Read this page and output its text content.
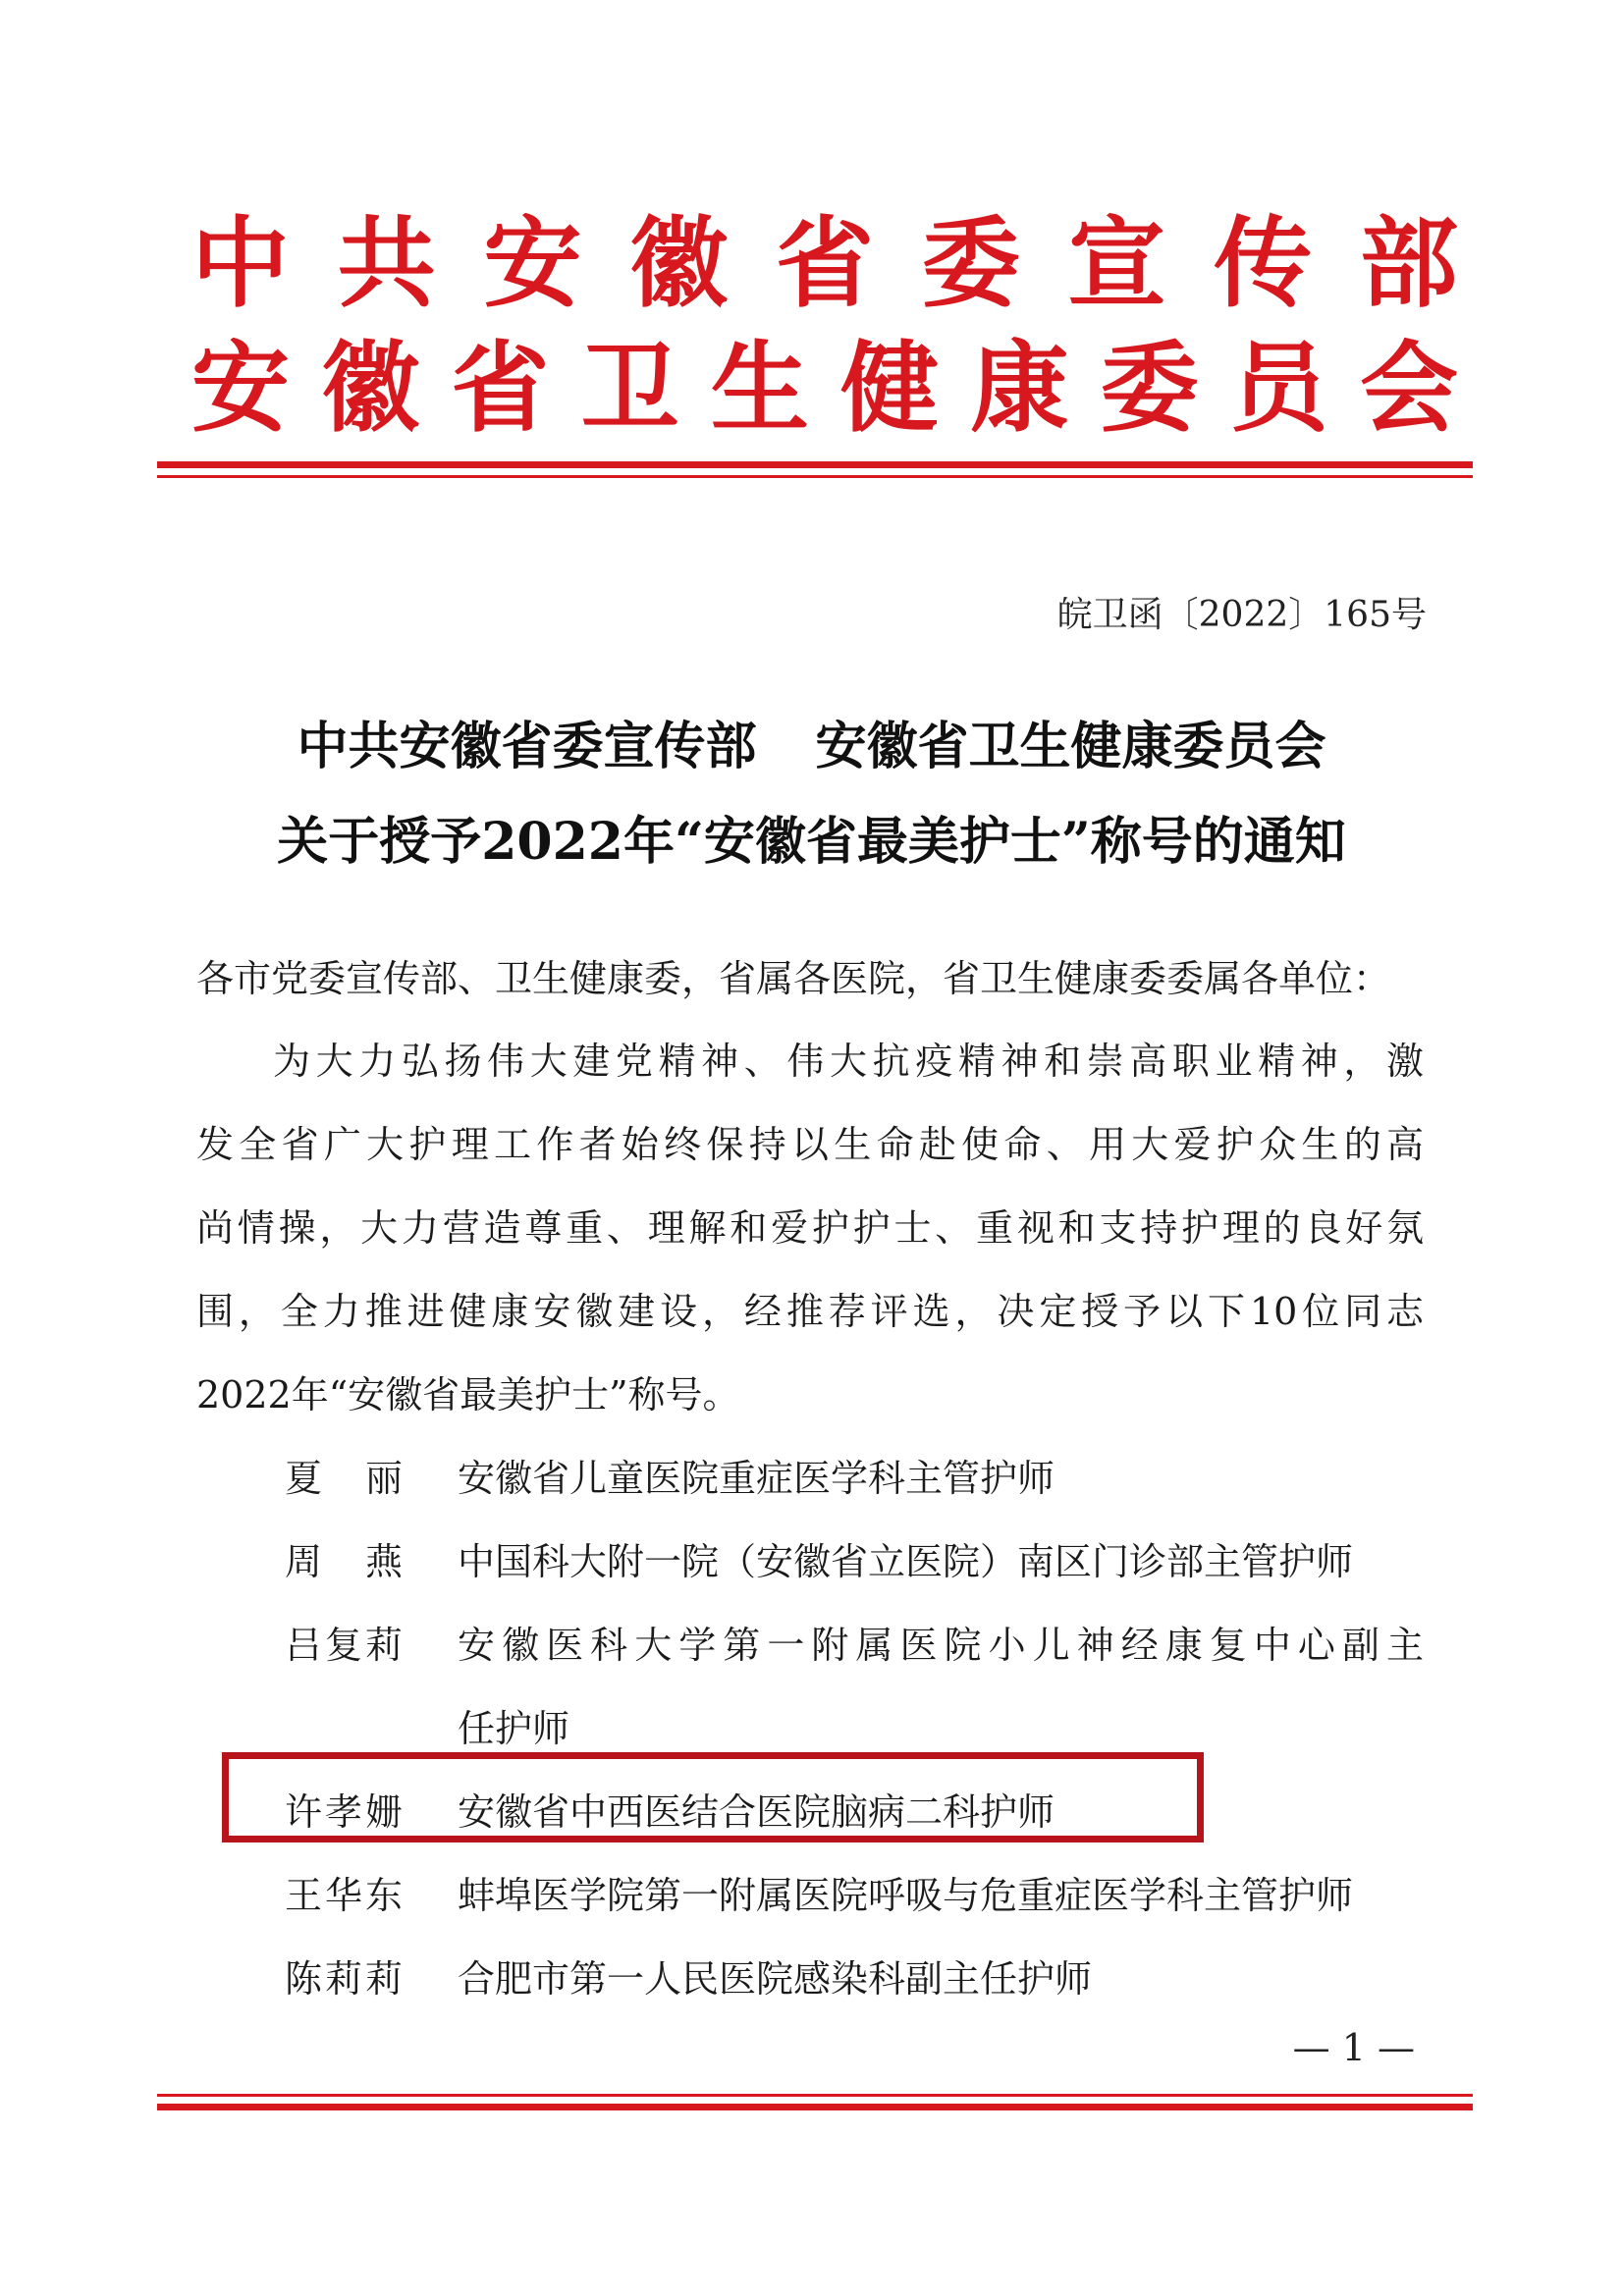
中共安徽省委宣传部
安徽省卫生健康委员会
皖卫函〔2022〕165号
中共安徽省委宣传部 安徽省卫生健康委员会
关于授予2022年“安徽省最美护士”称号的通知
各市党委宣传部、卫生健康委，省属各医院，省卫生健康委委属各单位：
为大力弘扬伟大建党精神、伟大抗疫精神和崇高职业精神，激
发全省广大护理工作者始终保持以生命赴使命、用大爱护众生的高
尚情操，大力营造尊重、理解和爱护护士、重视和支持护理的良好氛
围，全力推进健康安徽建设，经推荐评选，决定授予以下10位同志
2022年“安徽省最美护士”称号。
夏丽 安徽省儿童医院重症医学科主管护师
周燕 中国科大附一院（安徽省立医院）南区门诊部主管护师
吕复莉 安徽医科大学第一附属医院小儿神经康复中心副主
任护师
许孝姗 安徽省中西医结合医院脑病二科护师
王华东 蚌埠医学院第一附属医院呼吸与危重症医学科主管护师
陈莉莉 合肥市第一人民医院感染科副主任护师
— 1 —
